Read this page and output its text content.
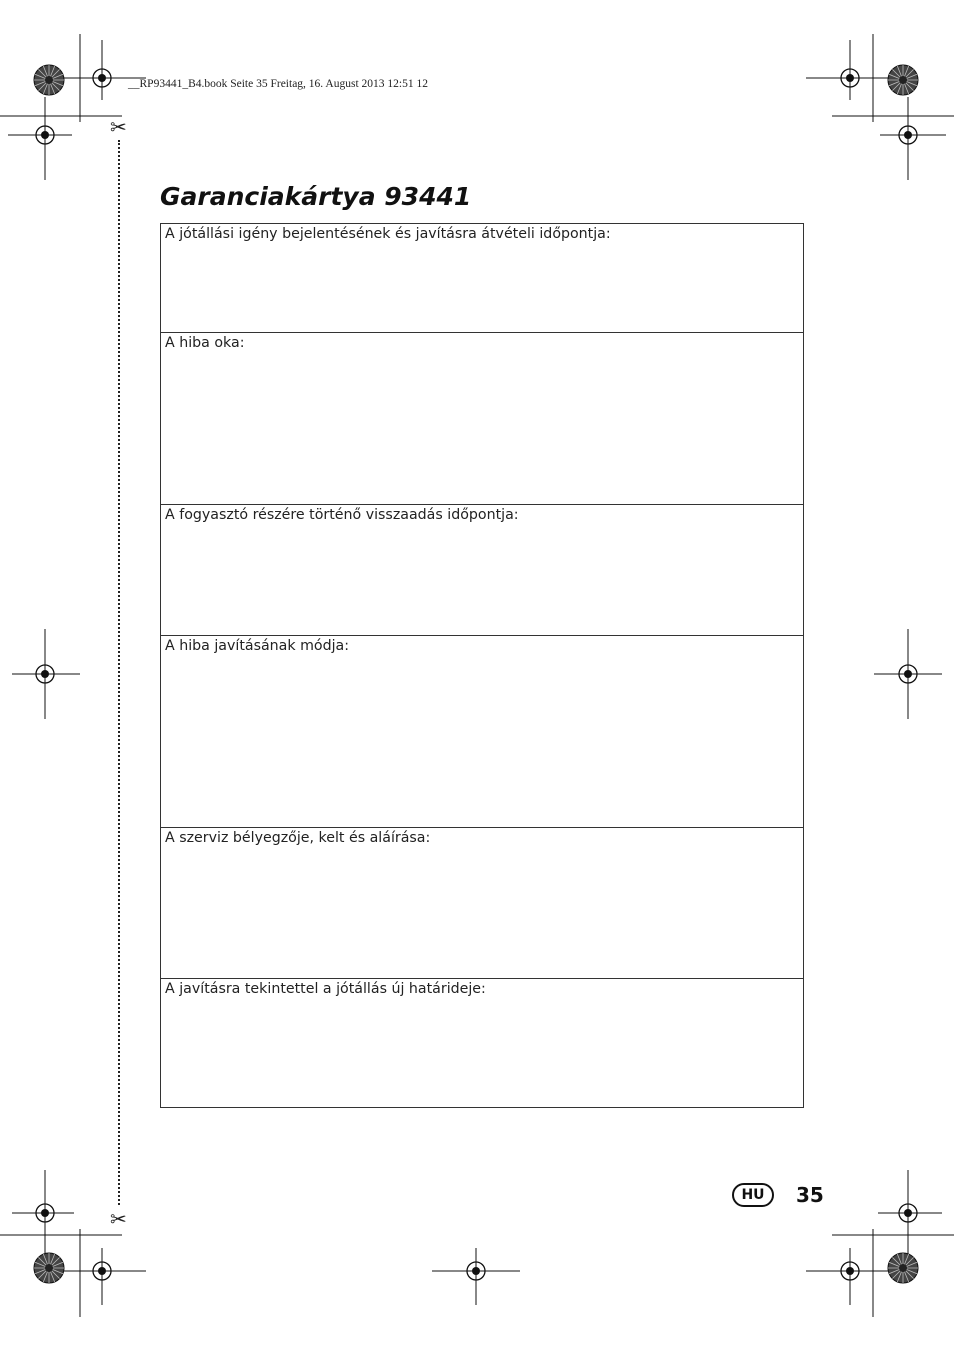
__RP93441_B4.book Seite 35 Freitag, 16. August 2013 12:51 12
✂
✂
Garanciakártya 93441
A jótállási igény bejelentésének és javításra átvételi időpontja:
A hiba oka:
A fogyasztó részére történő visszaadás időpontja:
A hiba javításának módja:
A szerviz bélyegzője, kelt és aláírása:
A javításra tekintettel a jótállás új határideje:
HU	35
